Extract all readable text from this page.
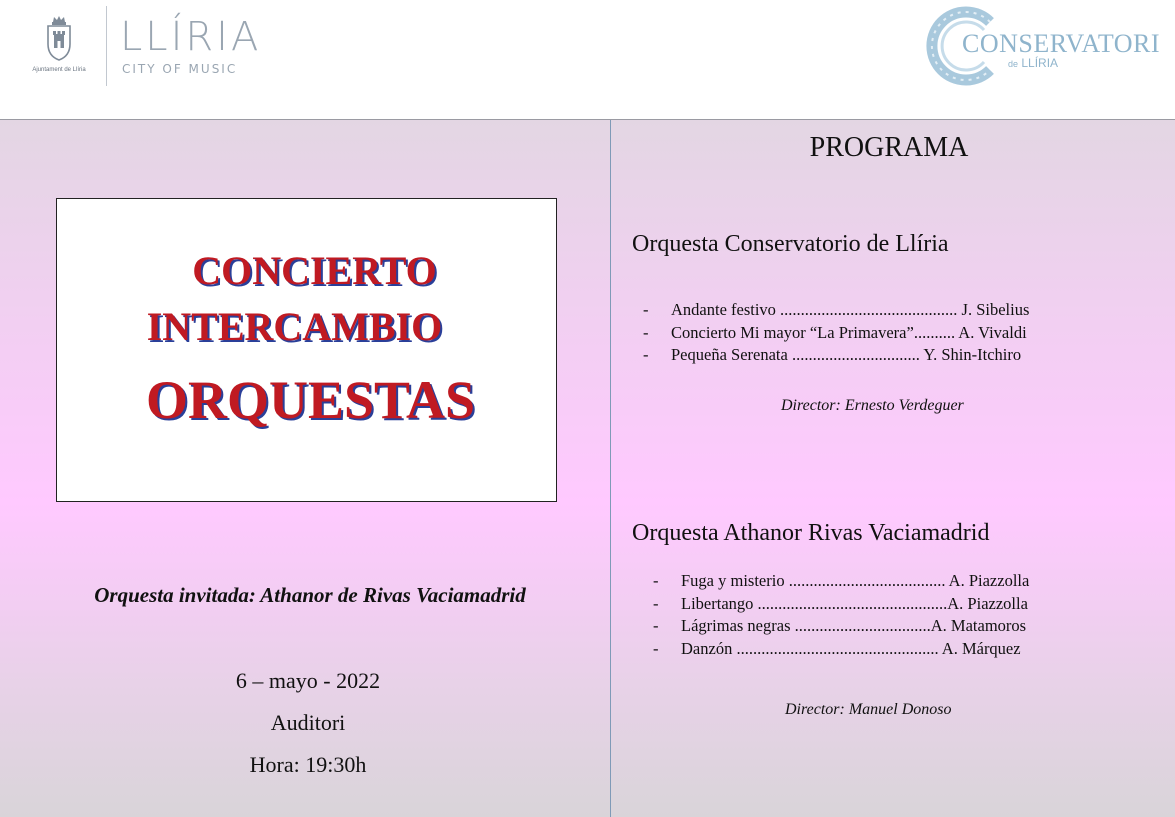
Ajuntament de Llíria
LLÍRIA
CITY OF MUSIC
CONSERVATORI
de LLÍRIA
CONCIERTO
INTERCAMBIO
ORQUESTAS
Orquesta invitada: Athanor de Rivas Vaciamadrid
6 – mayo - 2022
Auditori
Hora: 19:30h
PROGRAMA
Orquesta Conservatorio de Llíria
- Andante festivo ........................................... J. Sibelius
- Concierto Mi mayor “La Primavera”.......... A. Vivaldi
- Pequeña Serenata ............................... Y. Shin-Itchiro
Director: Ernesto Verdeguer
Orquesta Athanor Rivas Vaciamadrid
- Fuga y misterio ...................................... A. Piazzolla
- Libertango ..............................................A. Piazzolla
- Lágrimas negras .................................A. Matamoros
- Danzón ................................................. A. Márquez
Director: Manuel Donoso
